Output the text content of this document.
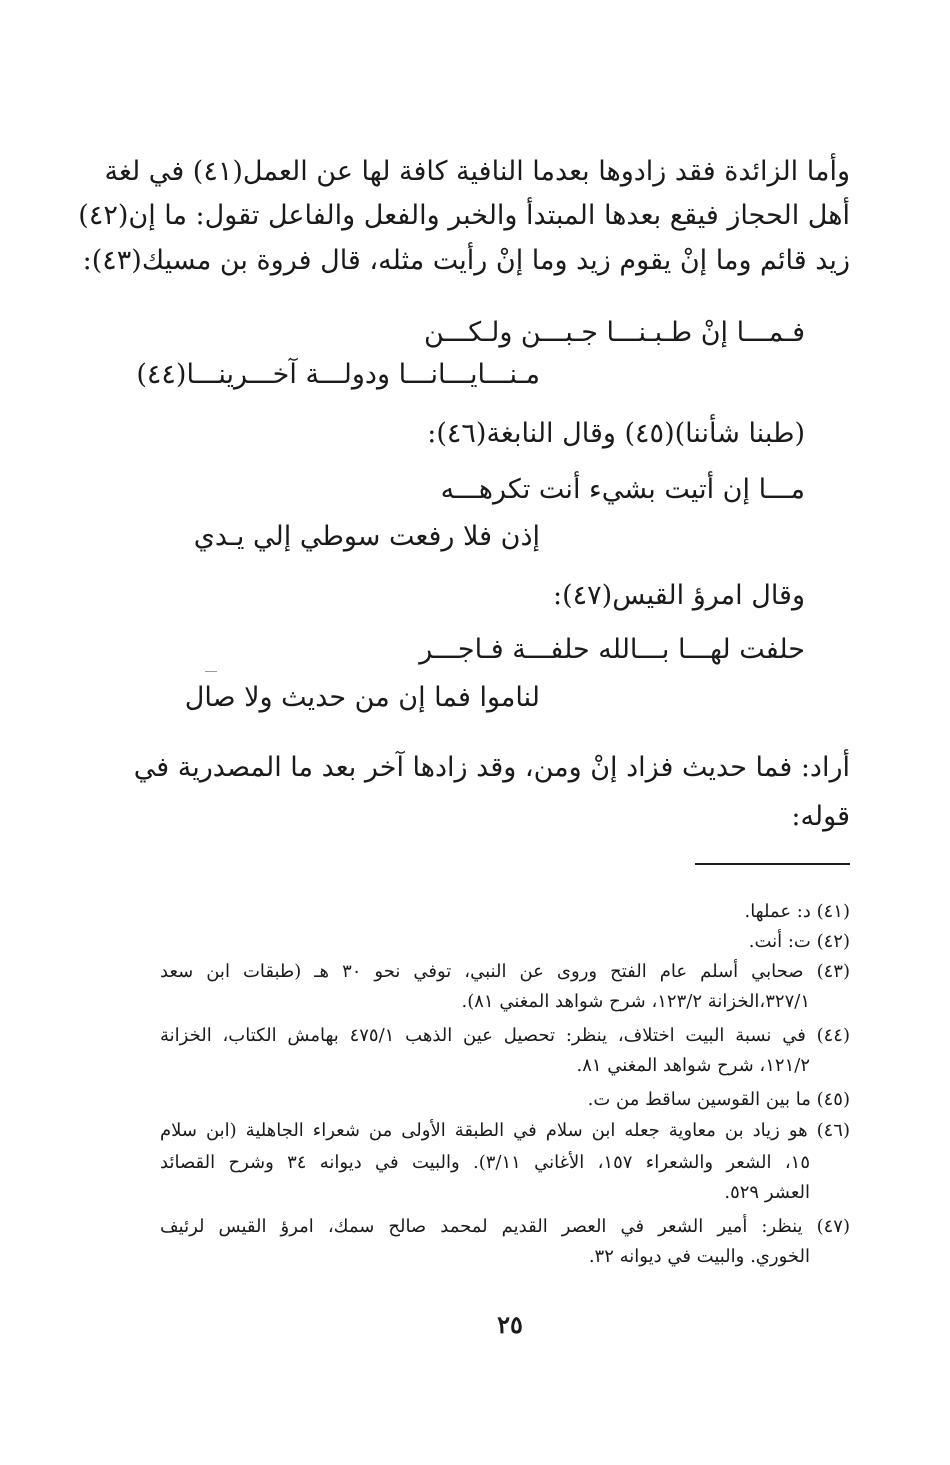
وأما الزائدة فقد زادوها بعدما النافية كافة لها عن العمل(٤١) في لغة
أهل الحجاز فيقع بعدها المبتدأ والخبر والفعل والفاعل تقول: ما إن(٤٢)
زيد قائم وما إنْ يقوم زيد وما إنْ رأيت مثله، قال فروة بن مسيك(٤٣):
فـمـــا إنْ طـبـنـــا جـبـــن ولـكـــن
مـنـــايـــانـــا ودولـــة آخـــرينـــا(٤٤)
(طبنا شأننا)(٤٥) وقال النابغة(٤٦):
مـــا إن أتيت بشيء أنت تكرهـــه
إذن فلا رفعت سوطي إلي يـدي
وقال امرؤ القيس(٤٧):
حلفت لهـــا بـــالله حلفـــة فـاجـــر
لناموا فما إن من حديث ولا صال
أراد: فما حديث فزاد إنْ ومن، وقد زادها آخر بعد ما المصدرية في
قوله:
(٤١) د: عملها.
(٤٢) ت: أنت.
(٤٣) صحابي أسلم عام الفتح وروى عن النبي، توفي نحو ٣٠ هـ (طبقات ابن سعد
٣٢٧/١،الخزانة ١٢٣/٢، شرح شواهد المغني ٨١).
(٤٤) في نسبة البيت اختلاف، ينظر: تحصيل عين الذهب ٤٧٥/١ بهامش الكتاب، الخزانة
١٢١/٢، شرح شواهد المغني ٨١.
(٤٥) ما بين القوسين ساقط من ت.
(٤٦) هو زياد بن معاوية جعله ابن سلام في الطبقة الأولى من شعراء الجاهلية (ابن سلام
١٥، الشعر والشعراء ١٥٧، الأغاني ٣/١١). والبيت في ديوانه ٣٤ وشرح القصائد
العشر ٥٢٩.
(٤٧) ينظر: أمير الشعر في العصر القديم لمحمد صالح سمك، امرؤ القيس لرئيف
الخوري. والبيت في ديوانه ٣٢.
٢٥
